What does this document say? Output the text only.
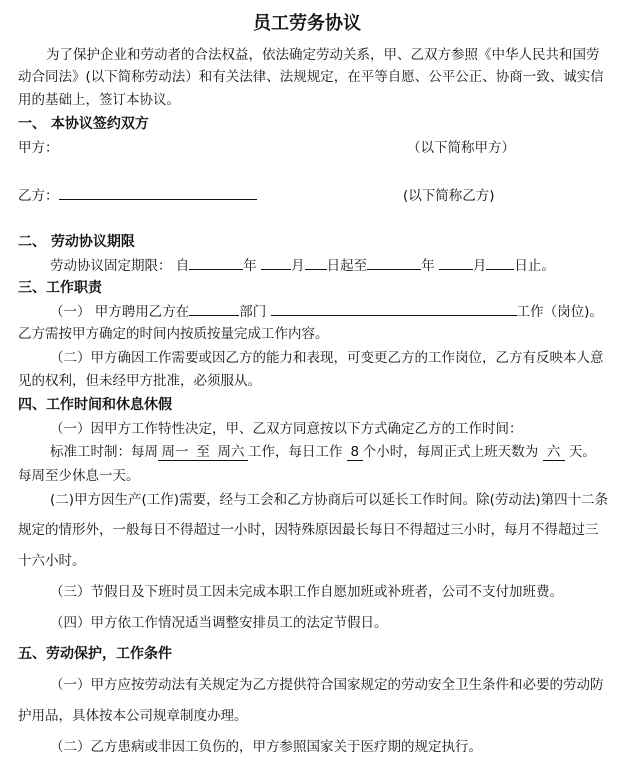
员工劳务协议
为了保护企业和劳动者的合法权益，依法确定劳动关系，甲、乙双方参照《中华人民共和国劳
动合同法》(以下简称劳动法）和有关法律、法规规定，在平等自愿、公平公正、协商一致、诚实信
用的基础上，签订本协议。
一、 本协议签约双方
甲方：	（以下简称甲方）
乙方：	(以下简称乙方)
二、 劳动协议期限
劳动协议固定期限： 自	年	月 日起至	年	月 日止。
三、工作职责
（一） 甲方聘用乙方在	部门	工作（岗位)。
乙方需按甲方确定的时间内按质按量完成工作内容。
（二）甲方确因工作需要或因乙方的能力和表现，可变更乙方的工作岗位，乙方有反映本人意
见的权利，但未经甲方批准，必须服从。
四、工作时间和休息休假
（一）因甲方工作特性决定，甲、乙双方同意按以下方式确定乙方的工作时间：
标准工时制：每周 周一 至 周六 工作，每日工作 8 个小时，每周正式上班天数为 六 天。
每周至少休息一天。
(二)甲方因生产(工作)需要，经与工会和乙方协商后可以延长工作时间。除(劳动法)第四十二条
规定的情形外，一般每日不得超过一小时，因特殊原因最长每日不得超过三小时，每月不得超过三
十六小时。
（三）节假日及下班时员工因未完成本职工作自愿加班或补班者，公司不支付加班费。
（四）甲方依工作情况适当调整安排员工的法定节假日。
五、劳动保护，工作条件
（一）甲方应按劳动法有关规定为乙方提供符合国家规定的劳动安全卫生条件和必要的劳动防
护用品，具体按本公司规章制度办理。
（二）乙方患病或非因工负伤的，甲方参照国家关于医疗期的规定执行。
